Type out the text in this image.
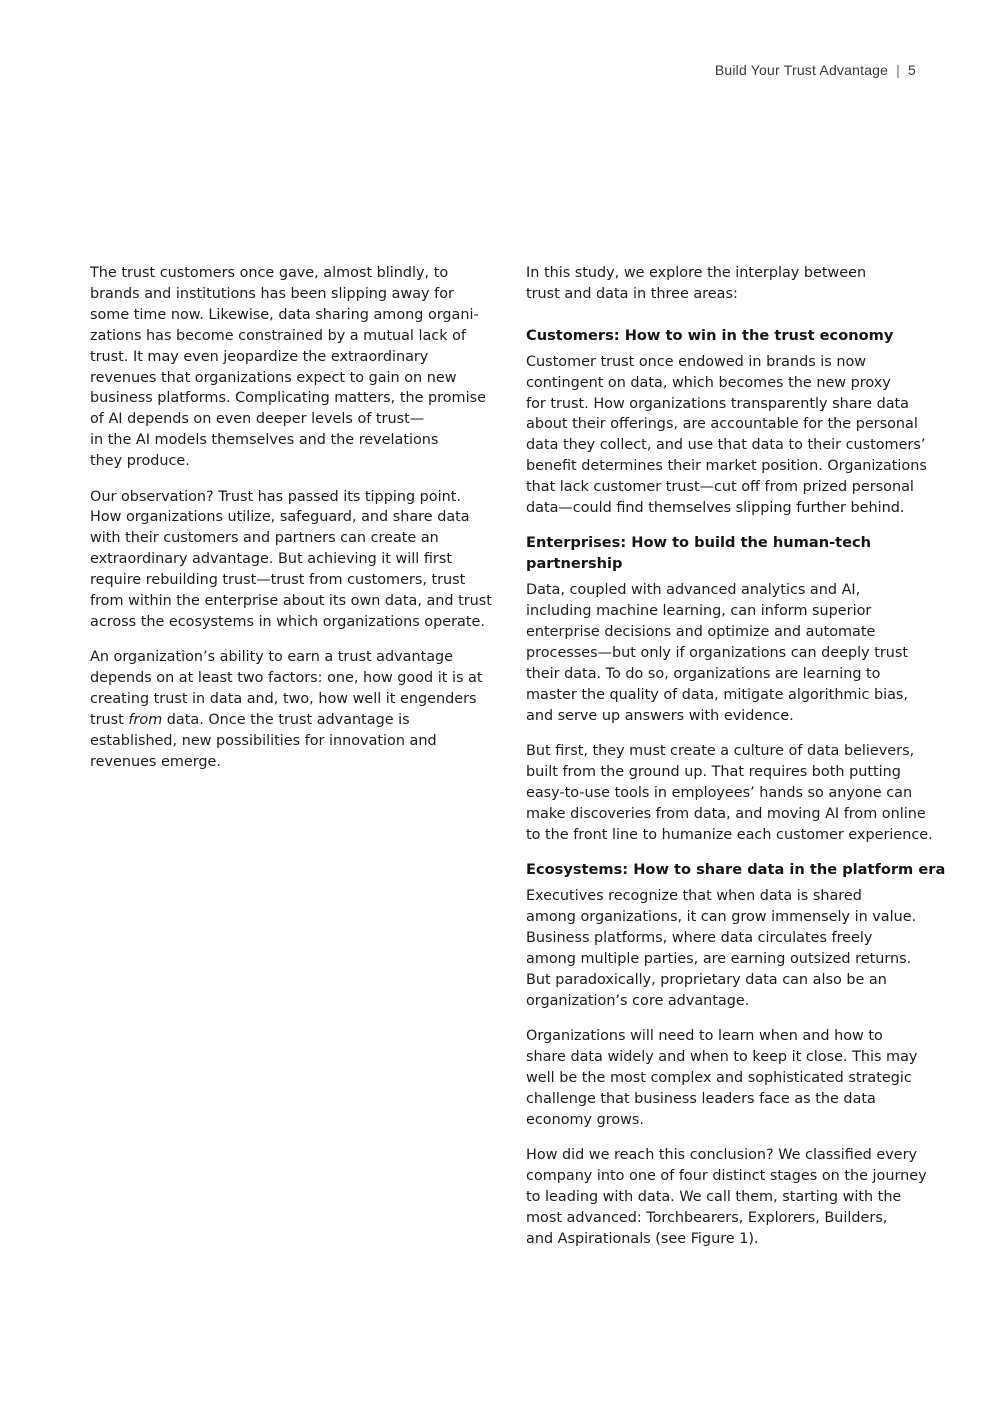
Build Your Trust Advantage | 5

The trust customers once gave, almost blindly, to
brands and institutions has been slipping away for
some time now. Likewise, data sharing among organi-
zations has become constrained by a mutual lack of
trust. It may even jeopardize the extraordinary
revenues that organizations expect to gain on new
business platforms. Complicating matters, the promise
of AI depends on even deeper levels of trust—
in the AI models themselves and the revelations
they produce.

Our observation? Trust has passed its tipping point.
How organizations utilize, safeguard, and share data
with their customers and partners can create an
extraordinary advantage. But achieving it will first
require rebuilding trust—trust from customers, trust
from within the enterprise about its own data, and trust
across the ecosystems in which organizations operate.

An organization’s ability to earn a trust advantage
depends on at least two factors: one, how good it is at
creating trust in data and, two, how well it engenders
trust from data. Once the trust advantage is
established, new possibilities for innovation and
revenues emerge.

In this study, we explore the interplay between
trust and data in three areas:

Customers: How to win in the trust economy

Customer trust once endowed in brands is now
contingent on data, which becomes the new proxy
for trust. How organizations transparently share data
about their offerings, are accountable for the personal
data they collect, and use that data to their customers’
benefit determines their market position. Organizations
that lack customer trust—cut off from prized personal
data—could find themselves slipping further behind.

Enterprises: How to build the human-tech
partnership

Data, coupled with advanced analytics and AI,
including machine learning, can inform superior
enterprise decisions and optimize and automate
processes—but only if organizations can deeply trust
their data. To do so, organizations are learning to
master the quality of data, mitigate algorithmic bias,
and serve up answers with evidence.

But first, they must create a culture of data believers,
built from the ground up. That requires both putting
easy-to-use tools in employees’ hands so anyone can
make discoveries from data, and moving AI from online
to the front line to humanize each customer experience.

Ecosystems: How to share data in the platform era

Executives recognize that when data is shared
among organizations, it can grow immensely in value.
Business platforms, where data circulates freely
among multiple parties, are earning outsized returns.
But paradoxically, proprietary data can also be an
organization’s core advantage.

Organizations will need to learn when and how to
share data widely and when to keep it close. This may
well be the most complex and sophisticated strategic
challenge that business leaders face as the data
economy grows.

How did we reach this conclusion? We classified every
company into one of four distinct stages on the journey
to leading with data. We call them, starting with the
most advanced: Torchbearers, Explorers, Builders,
and Aspirationals (see Figure 1).
